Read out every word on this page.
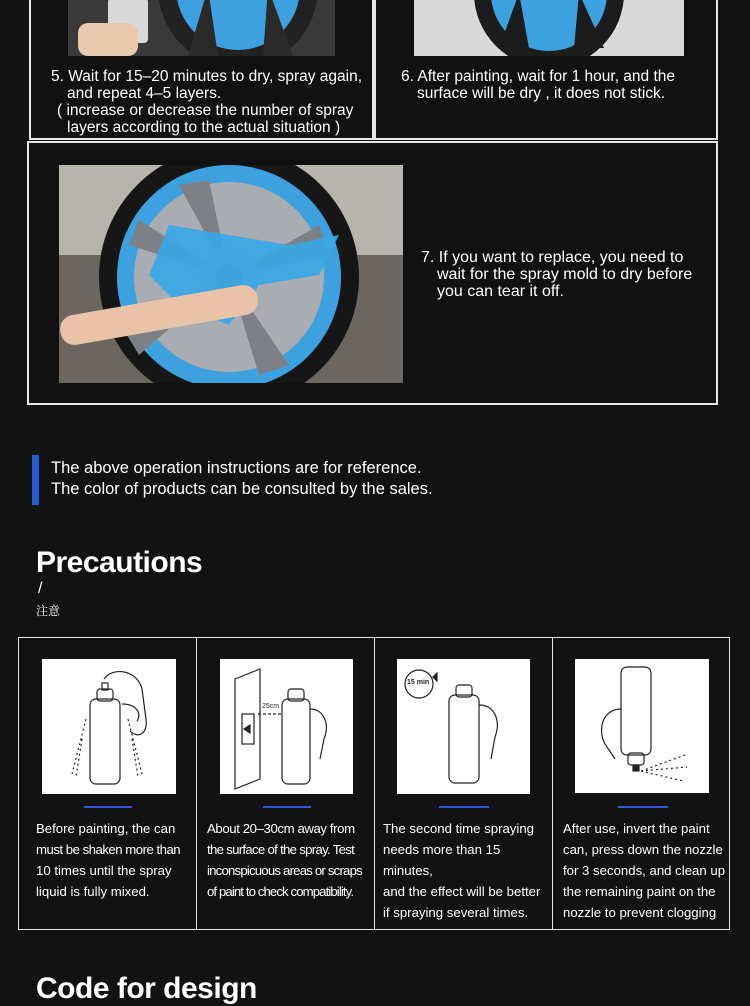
5. Wait for 15–20 minutes to dry, spray again,
and repeat 4–5 layers.
( increase or decrease the number of spray
layers according to the actual situation )
6. After painting, wait for 1 hour, and the
surface will be dry , it does not stick.
7. If you want to replace, you need to
wait for the spray mold to dry before
you can tear it off.
The above operation instructions are for reference.
The color of products can be consulted by the sales.
Precautions
/
注意
Before painting, the can
must be shaken more than
10 times until the spray
liquid is fully mixed.
25cm
About 20–30cm away from
the surface of the spray. Test
inconspicuous areas or scraps
of paint to check compatibility.
15 min
The second time spraying
needs more than 15 minutes,
and the effect will be better
if spraying several times.
After use, invert the paint
can, press down the nozzle
for 3 seconds, and clean up
the remaining paint on the
nozzle to prevent clogging
Code for design
